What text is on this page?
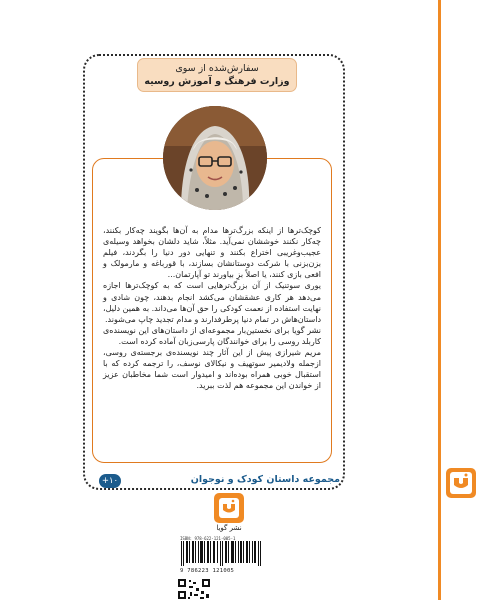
سفارش‌شده از سوی
وزارت فرهنگ و آموزش روسیه

کوچک‌ترها از اینکه بزرگ‌ترها مدام به آن‌ها بگویند چه‌کار بکنند، چه‌کار نکنند خوششان نمی‌آید. مثلاً، شاید دلشان بخواهد وسیله‌ی عجیب‌وغریبی اختراع بکنند و تنهایی دور دنیا را بگردند، فیلم بزن‌بزنی با شرکت دوستانشان بسازند، با قورباغه و مارمولک و افعی بازی کنند، یا اصلاً بزِ بیاورند تو آپارتمان...

یوری سوتنیک از آن بزرگ‌ترهایی است که به کوچک‌ترها اجازه می‌دهد هر کاری عشقشان می‌کشد انجام بدهند، چون شادی و نهایت استفاده از نعمت کودکی را حق آن‌ها می‌داند. به همین دلیل، داستان‌هاش در تمام دنیا پرطرفدارند و مدام تجدید چاپ می‌شوند.

نشر گویا برای نخستین‌بار مجموعه‌ای از داستان‌های این نویسنده‌ی کاربلد روسی را برای خوانندگان پارسی‌زبان آماده کرده است.

مریم شیرازی پیش از این آثار چند نویسنده‌ی برجسته‌ی روسی، ازجمله ولادیمیر سوتهیف و نیکالای نوسف، را ترجمه کرده که با استقبال خوبی همراه بوده‌اند و امیدوار است شما مخاطبان عزیز از خواندن این مجموعه هم لذت ببرید.

مجموعه داستان کودک و نوجوان
+۱۰
نشر گویا
ISBN: 978-622-121-005-1
9 786223 121005
